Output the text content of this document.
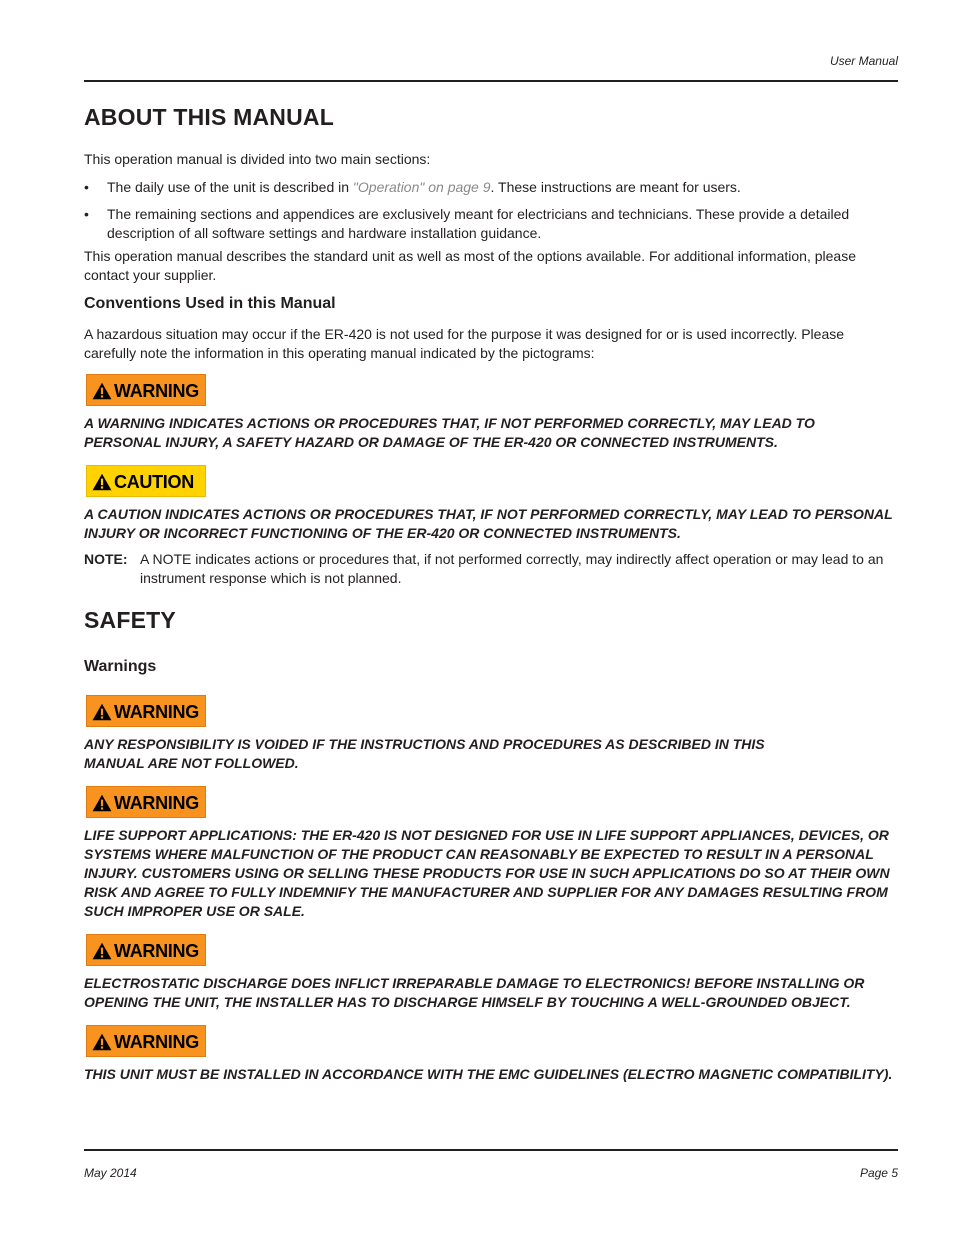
User Manual
ABOUT THIS MANUAL

This operation manual is divided into two main sections:

• The daily use of the unit is described in "Operation" on page 9. These instructions are meant for users.
• The remaining sections and appendices are exclusively meant for electricians and technicians. These provide a detailed description of all software settings and hardware installation guidance.

This operation manual describes the standard unit as well as most of the options available. For additional information, please contact your supplier.

Conventions Used in this Manual

A hazardous situation may occur if the ER-420 is not used for the purpose it was designed for or is used incorrectly. Please carefully note the information in this operating manual indicated by the pictograms:

WARNING

A WARNING INDICATES ACTIONS OR PROCEDURES THAT, IF NOT PERFORMED CORRECTLY, MAY LEAD TO PERSONAL INJURY, A SAFETY HAZARD OR DAMAGE OF THE ER-420 OR CONNECTED INSTRUMENTS.

CAUTION

A CAUTION INDICATES ACTIONS OR PROCEDURES THAT, IF NOT PERFORMED CORRECTLY, MAY LEAD TO PERSONAL INJURY OR INCORRECT FUNCTIONING OF THE ER-420 OR CONNECTED INSTRUMENTS.

NOTE: A NOTE indicates actions or procedures that, if not performed correctly, may indirectly affect operation or may lead to an instrument response which is not planned.
SAFETY
Warnings
WARNING

ANY RESPONSIBILITY IS VOIDED IF THE INSTRUCTIONS AND PROCEDURES AS DESCRIBED IN THIS MANUAL ARE NOT FOLLOWED.

WARNING

LIFE SUPPORT APPLICATIONS: THE ER-420 IS NOT DESIGNED FOR USE IN LIFE SUPPORT APPLIANCES, DEVICES, OR SYSTEMS WHERE MALFUNCTION OF THE PRODUCT CAN REASONABLY BE EXPECTED TO RESULT IN A PERSONAL INJURY. CUSTOMERS USING OR SELLING THESE PRODUCTS FOR USE IN SUCH APPLICATIONS DO SO AT THEIR OWN RISK AND AGREE TO FULLY INDEMNIFY THE MANUFACTURER AND SUPPLIER FOR ANY DAMAGES RESULTING FROM SUCH IMPROPER USE OR SALE.

WARNING

ELECTROSTATIC DISCHARGE DOES INFLICT IRREPARABLE DAMAGE TO ELECTRONICS! BEFORE INSTALLING OR OPENING THE UNIT, THE INSTALLER HAS TO DISCHARGE HIMSELF BY TOUCHING A WELL-GROUNDED OBJECT.

WARNING

THIS UNIT MUST BE INSTALLED IN ACCORDANCE WITH THE EMC GUIDELINES (ELECTRO MAGNETIC COMPATIBILITY).

May 2014	Page 5
